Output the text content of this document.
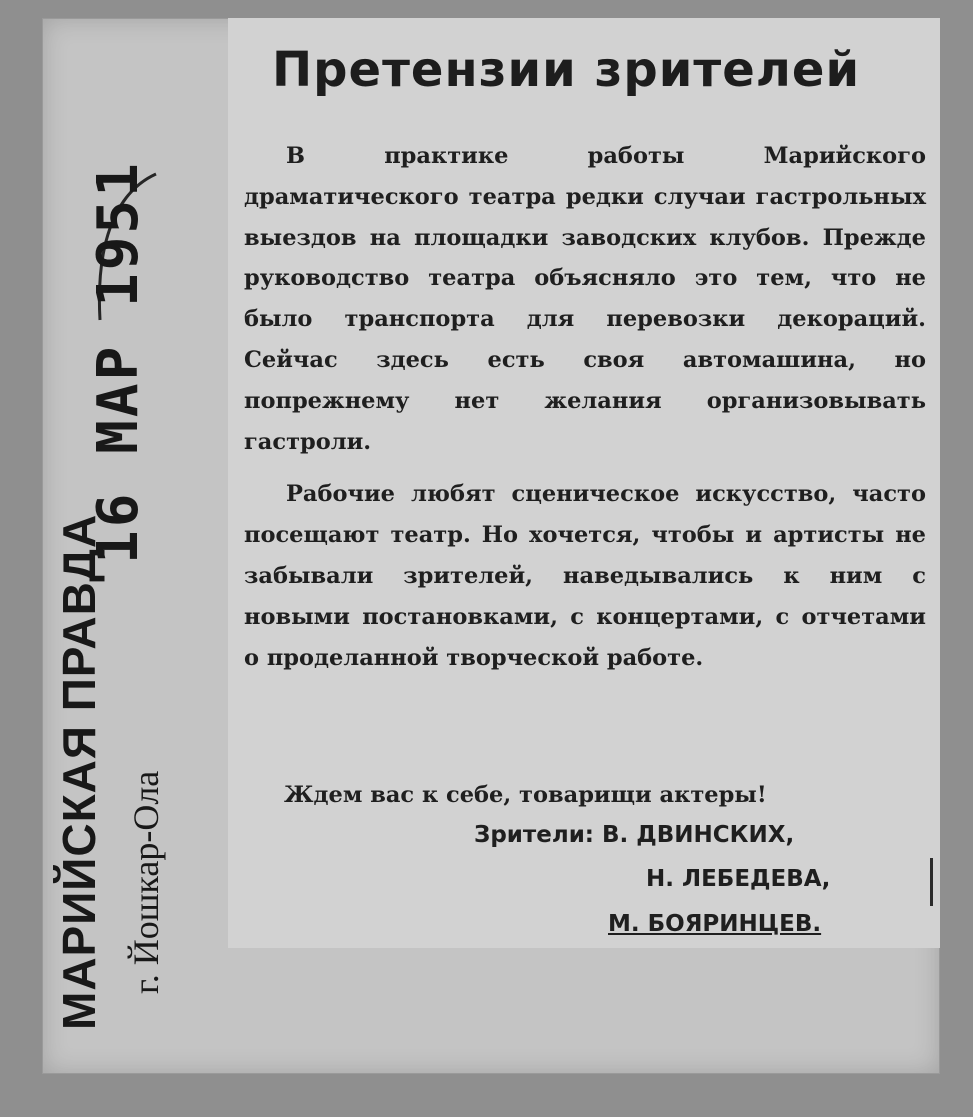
16 МАР 1951
МАРИЙСКАЯ ПРАВДА г. Йошкар-Ола
Претензии зрителей

В практике работы Марийского драматического театра редки случаи гастрольных выездов на площадки заводских клубов. Прежде руководство театра объясняло это тем, что не было транспорта для перевозки декораций. Сейчас здесь есть своя автомашина, но попрежнему нет желания организовывать гастроли.

Рабочие любят сценическое искусство, часто посещают театр. Но хочется, чтобы и артисты не забывали зрителей, наведывались к ним с новыми постановками, с концертами, с отчетами о проделанной творческой работе.

Ждем вас к себе, товарищи актеры!
Зрители: В. ДВИНСКИХ,
Н. ЛЕБЕДЕВА,
М. БОЯРИНЦЕВ.
